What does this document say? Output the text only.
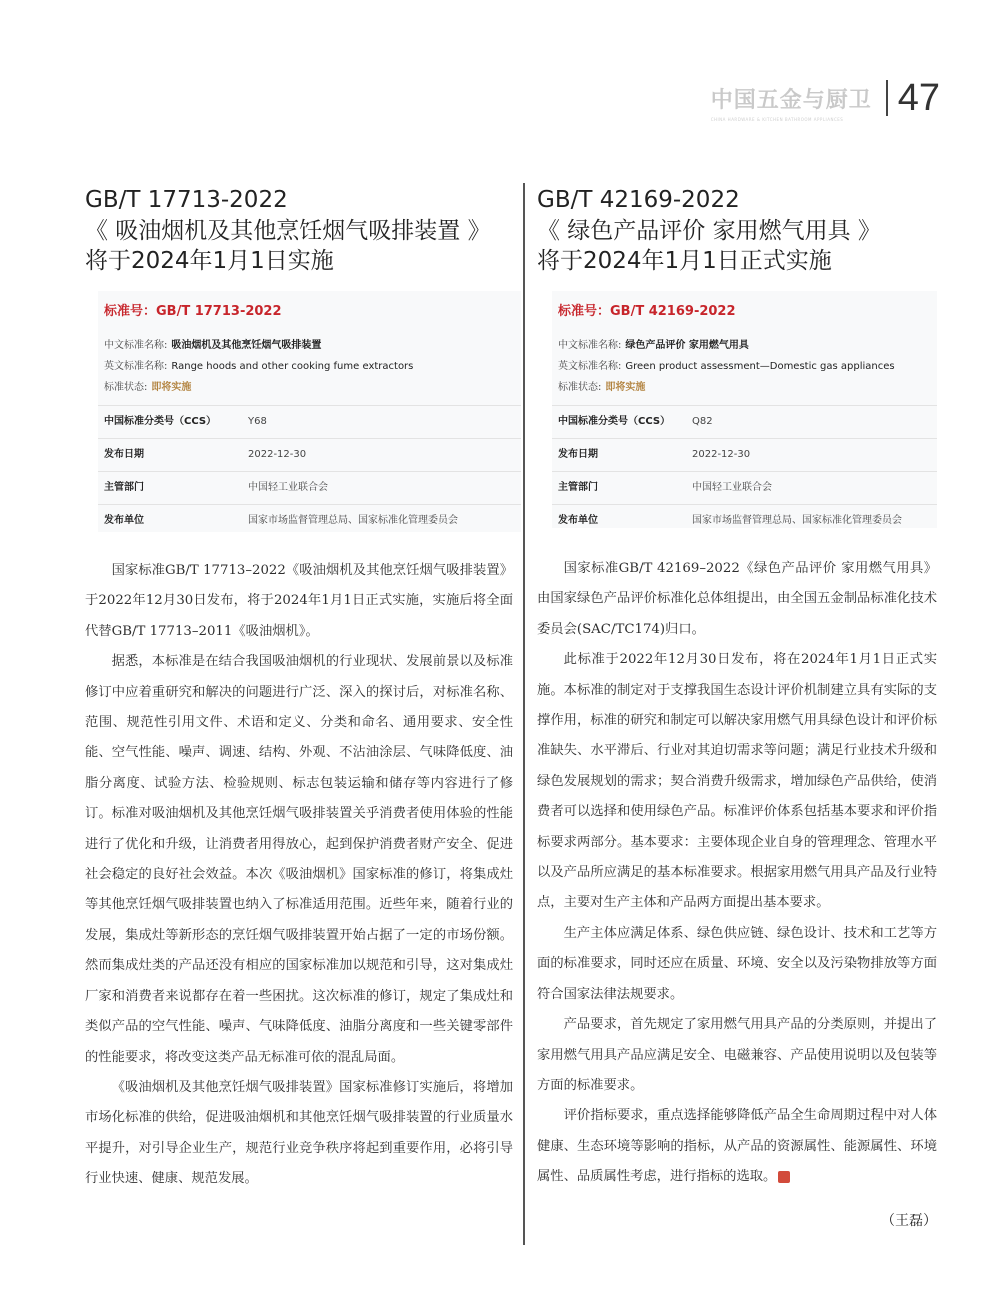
中国五金与厨卫
CHINA HARDWARE & KITCHEN BATHROOM APPLIANCES 47
GB/T 17713-2022
《 吸油烟机及其他烹饪烟气吸排装置 》
将于2024年1月1日实施
标准号：GB/T 17713-2022
中文标准名称: 吸油烟机及其他烹饪烟气吸排装置
英文标准名称: Range hoods and other cooking fume extractors
标准状态: 即将实施
中国标准分类号（CCS）	Y68
发布日期	2022-12-30
主管部门	中国轻工业联合会
发布单位	国家市场监督管理总局、国家标准化管理委员会

国家标准GB/T 17713–2022《吸油烟机及其他烹饪烟气吸排装置》于2022年12月30日发布，将于2024年1月1日正式实施，实施后将全面代替GB/T 17713–2011《吸油烟机》。

据悉，本标准是在结合我国吸油烟机的行业现状、发展前景以及标准修订中应着重研究和解决的问题进行广泛、深入的探讨后，对标准名称、范围、规范性引用文件、术语和定义、分类和命名、通用要求、安全性能、空气性能、噪声、调速、结构、外观、不沾油涂层、气味降低度、油脂分离度、试验方法、检验规则、标志包装运输和储存等内容进行了修订。标准对吸油烟机及其他烹饪烟气吸排装置关乎消费者使用体验的性能进行了优化和升级，让消费者用得放心，起到保护消费者财产安全、促进社会稳定的良好社会效益。本次《吸油烟机》国家标准的修订，将集成灶等其他烹饪烟气吸排装置也纳入了标准适用范围。近些年来，随着行业的发展，集成灶等新形态的烹饪烟气吸排装置开始占据了一定的市场份额。然而集成灶类的产品还没有相应的国家标准加以规范和引导，这对集成灶厂家和消费者来说都存在着一些困扰。这次标准的修订，规定了集成灶和类似产品的空气性能、噪声、气味降低度、油脂分离度和一些关键零部件的性能要求，将改变这类产品无标准可依的混乱局面。

《吸油烟机及其他烹饪烟气吸排装置》国家标准修订实施后，将增加市场化标准的供给，促进吸油烟机和其他烹饪烟气吸排装置的行业质量水平提升，对引导企业生产，规范行业竞争秩序将起到重要作用，必将引导行业快速、健康、规范发展。

GB/T 42169-2022
《 绿色产品评价 家用燃气用具 》
将于2024年1月1日正式实施
标准号：GB/T 42169-2022
中文标准名称: 绿色产品评价 家用燃气用具
英文标准名称: Green product assessment—Domestic gas appliances
标准状态: 即将实施
中国标准分类号（CCS） Q82
发布日期	2022-12-30
主管部门	中国轻工业联合会
发布单位	国家市场监督管理总局、国家标准化管理委员会

国家标准GB/T 42169–2022《绿色产品评价 家用燃气用具》由国家绿色产品评价标准化总体组提出，由全国五金制品标准化技术委员会(SAC/TC174)归口。

此标准于2022年12月30日发布，将在2024年1月1日正式实施。本标准的制定对于支撑我国生态设计评价机制建立具有实际的支撑作用，标准的研究和制定可以解决家用燃气用具绿色设计和评价标准缺失、水平滞后、行业对其迫切需求等问题；满足行业技术升级和绿色发展规划的需求；契合消费升级需求，增加绿色产品供给，使消费者可以选择和使用绿色产品。标准评价体系包括基本要求和评价指标要求两部分。基本要求：主要体现企业自身的管理理念、管理水平以及产品所应满足的基本标准要求。根据家用燃气用具产品及行业特点，主要对生产主体和产品两方面提出基本要求。

生产主体应满足体系、绿色供应链、绿色设计、技术和工艺等方面的标准要求，同时还应在质量、环境、安全以及污染物排放等方面符合国家法律法规要求。

产品要求，首先规定了家用燃气用具产品的分类原则，并提出了家用燃气用具产品应满足安全、电磁兼容、产品使用说明以及包装等方面的标准要求。

评价指标要求，重点选择能够降低产品全生命周期过程中对人体健康、生态环境等影响的指标，从产品的资源属性、能源属性、环境属性、品质属性考虑，进行指标的选取。	回

（王磊）
